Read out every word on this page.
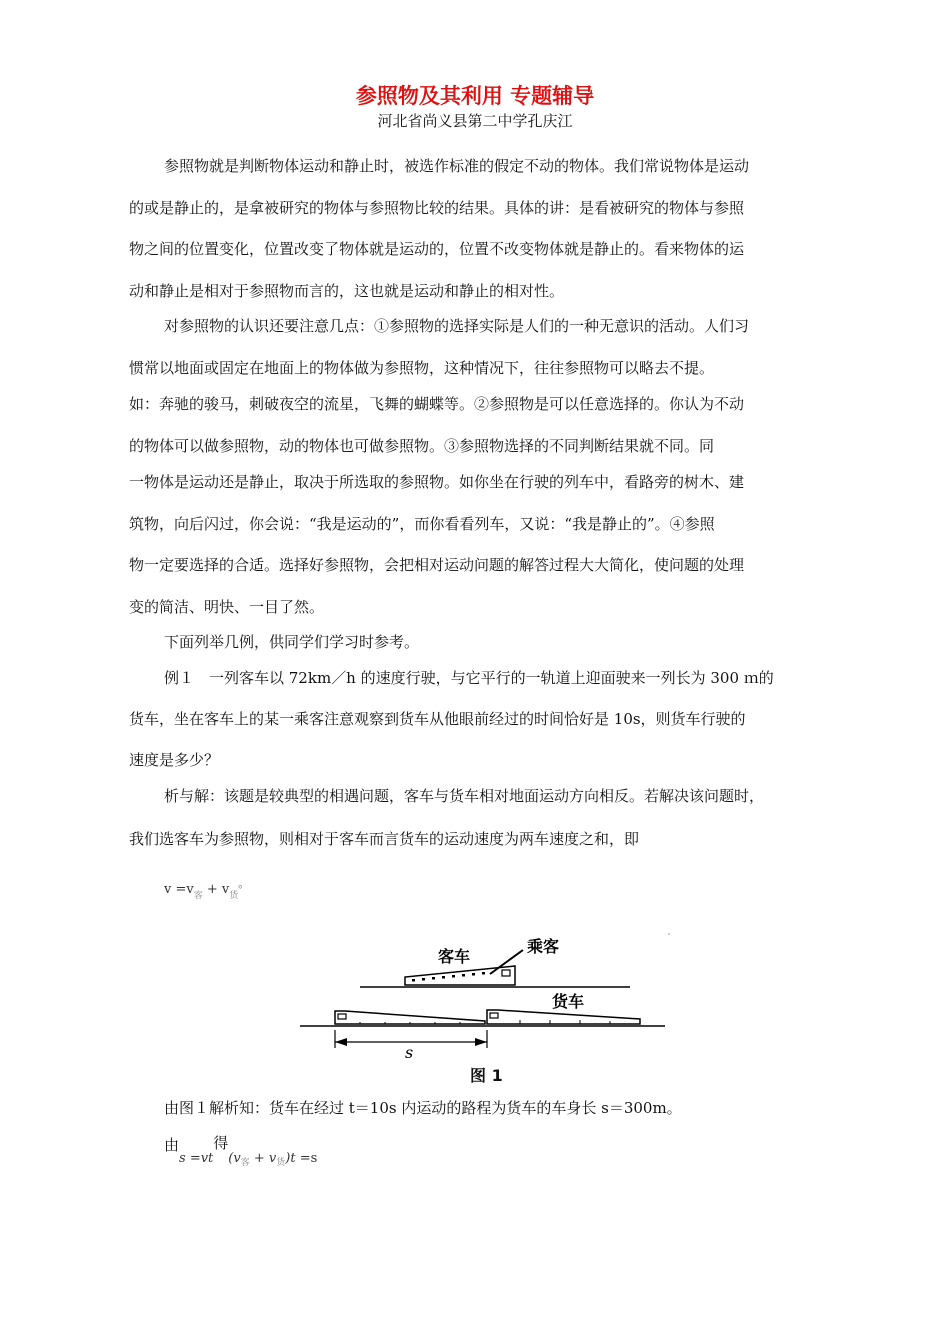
参照物及其利用 专题辅导
河北省尚义县第二中学孔庆江
参照物就是判断物体运动和静止时，被选作标准的假定不动的物体。我们常说物体是运动
的或是静止的，是拿被研究的物体与参照物比较的结果。具体的讲：是看被研究的物体与参照
物之间的位置变化，位置改变了物体就是运动的，位置不改变物体就是静止的。看来物体的运
动和静止是相对于参照物而言的，这也就是运动和静止的相对性。
对参照物的认识还要注意几点：①参照物的选择实际是人们的一种无意识的活动。人们习
惯常以地面或固定在地面上的物体做为参照物，这种情况下，往往参照物可以略去不提。
如：奔驰的骏马，刺破夜空的流星，飞舞的蝴蝶等。②参照物是可以任意选择的。你认为不动
的物体可以做参照物，动的物体也可做参照物。③参照物选择的不同判断结果就不同。同
一物体是运动还是静止，取决于所选取的参照物。如你坐在行驶的列车中，看路旁的树木、建
筑物，向后闪过，你会说：“我是运动的”，而你看看列车，又说：“我是静止的”。④参照
物一定要选择的合适。选择好参照物，会把相对运动问题的解答过程大大简化，使问题的处理
变的简洁、明快、一目了然。
下面列举几例，供同学们学习时参考。
例１　一列客车以 72km／h 的速度行驶，与它平行的一轨道上迎面驶来一列长为 300 ｍ的
货车，坐在客车上的某一乘客注意观察到货车从他眼前经过的时间恰好是 10s，则货车行驶的
速度是多少？
析与解：该题是较典型的相遇问题，客车与货车相对地面运动方向相反。若解决该问题时，
我们选客车为参照物，则相对于客车而言货车的运动速度为两车速度之和，即
$v =v_客 + v_货^。$
客车
乘客
货车
s
图 1
由图１解析知：货车在经过 t＝10s 内运动的路程为货车的车身长 s＝300m。
由s =vt得$(v_客 + v_货)t =s$
